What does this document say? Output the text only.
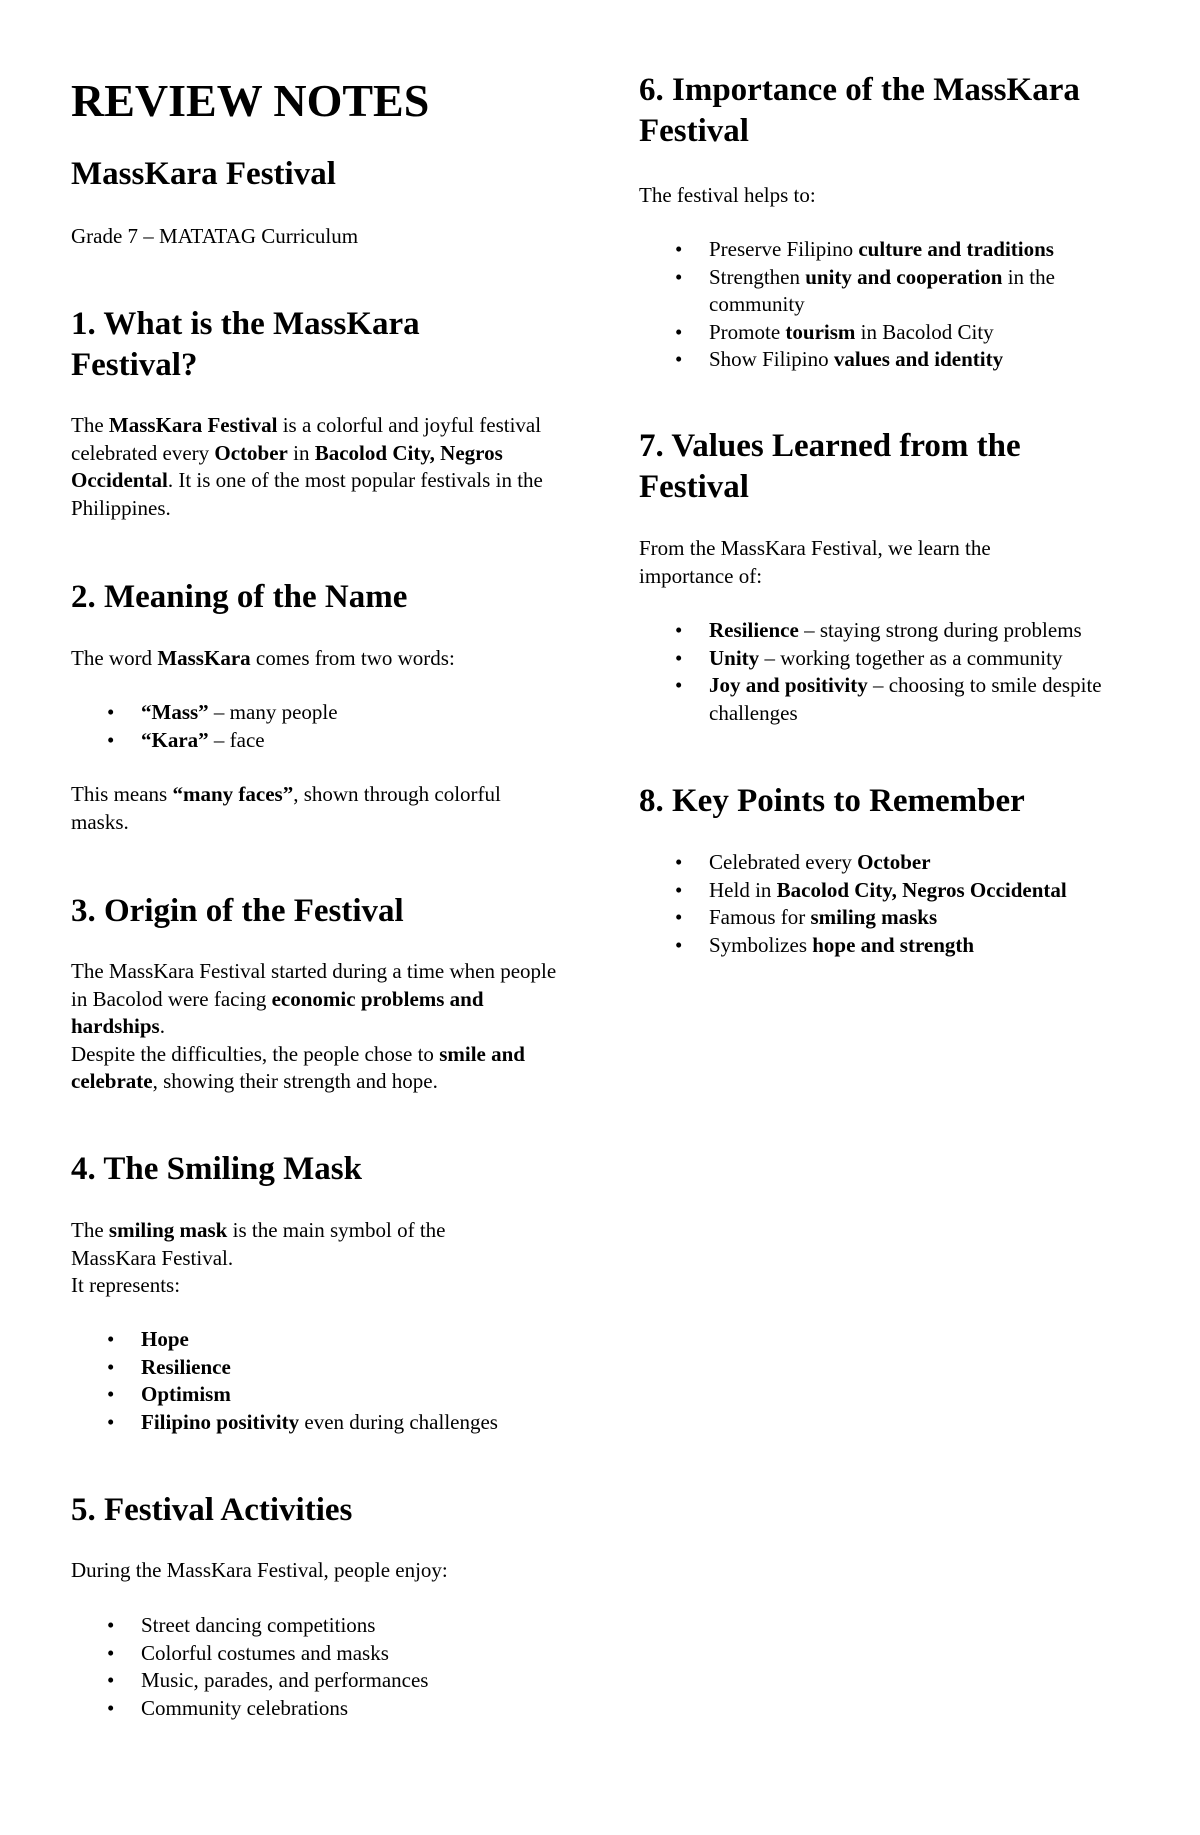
REVIEW NOTES
MassKara Festival

Grade 7 – MATATAG Curriculum

1. What is the MassKara Festival?

The MassKara Festival is a colorful and joyful festival celebrated every October in Bacolod City, Negros Occidental. It is one of the most popular festivals in the Philippines.

2. Meaning of the Name

The word MassKara comes from two words:

• “Mass” – many people
• “Kara” – face

This means “many faces”, shown through colorful masks.

3. Origin of the Festival
The MassKara Festival started during a time when people in Bacolod were facing economic problems and hardships.
Despite the difficulties, the people chose to smile and celebrate, showing their strength and hope.
4. The Smiling Mask
The smiling mask is the main symbol of the MassKara Festival.
It represents:
• Hope
• Resilience
• Optimism
• Filipino positivity even during challenges
5. Festival Activities

During the MassKara Festival, people enjoy:

• Street dancing competitions
• Colorful costumes and masks
• Music, parades, and performances
• Community celebrations
6. Importance of the MassKara Festival

The festival helps to:

• Preserve Filipino culture and traditions
• Strengthen unity and cooperation in the community
• Promote tourism in Bacolod City
• Show Filipino values and identity
7. Values Learned from the Festival

From the MassKara Festival, we learn the importance of:

• Resilience – staying strong during problems
• Unity – working together as a community
• Joy and positivity – choosing to smile despite challenges
8. Key Points to Remember
• Celebrated every October
• Held in Bacolod City, Negros Occidental
• Famous for smiling masks
• Symbolizes hope and strength
